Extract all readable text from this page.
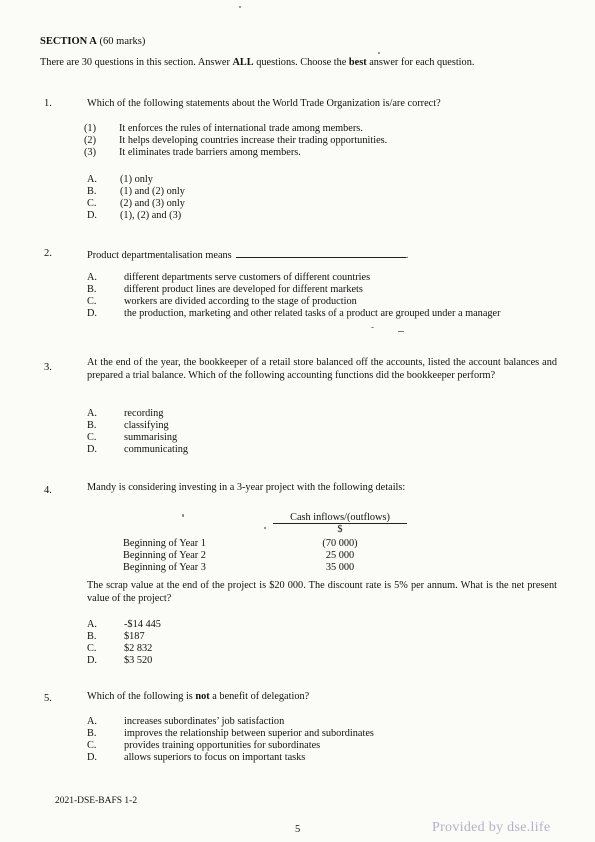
SECTION A (60 marks)
There are 30 questions in this section. Answer ALL questions. Choose the best answer for each question.
1.	Which of the following statements about the World Trade Organization is/are correct?
(1)	It enforces the rules of international trade among members.
(2)	It helps developing countries increase their trading opportunities.
(3)	It eliminates trade barriers among members.
A.	(1) only
B.	(1) and (2) only
C.	(2) and (3) only
D.	(1), (2) and (3)
2.	Product departmentalisation means	.
A.	different departments serve customers of different countries
B.	different product lines are developed for different markets
C.	workers are divided according to the stage of production
D.	the production, marketing and other related tasks of a product are grouped under a manager
3.	At the end of the year, the bookkeeper of a retail store balanced off the accounts, listed the account balances and prepared a trial balance. Which of the following accounting functions did the bookkeeper perform?
A.	recording
B.	classifying
C.	summarising
D.	communicating
4.	Mandy is considering investing in a 3-year project with the following details:
Cash inflows/(outflows)
$
Beginning of Year 1	(70 000)
Beginning of Year 2	25 000
Beginning of Year 3	35 000
The scrap value at the end of the project is $20 000. The discount rate is 5% per annum. What is the net present value of the project?
A.	-$14 445
B.	$187
C.	$2 832
D.	$3 520
5.	Which of the following is not a benefit of delegation?
A.	increases subordinates’ job satisfaction
B.	improves the relationship between superior and subordinates
C.	provides training opportunities for subordinates
D.	allows superiors to focus on important tasks
2021-DSE-BAFS 1-2
5	Provided by dse.life
